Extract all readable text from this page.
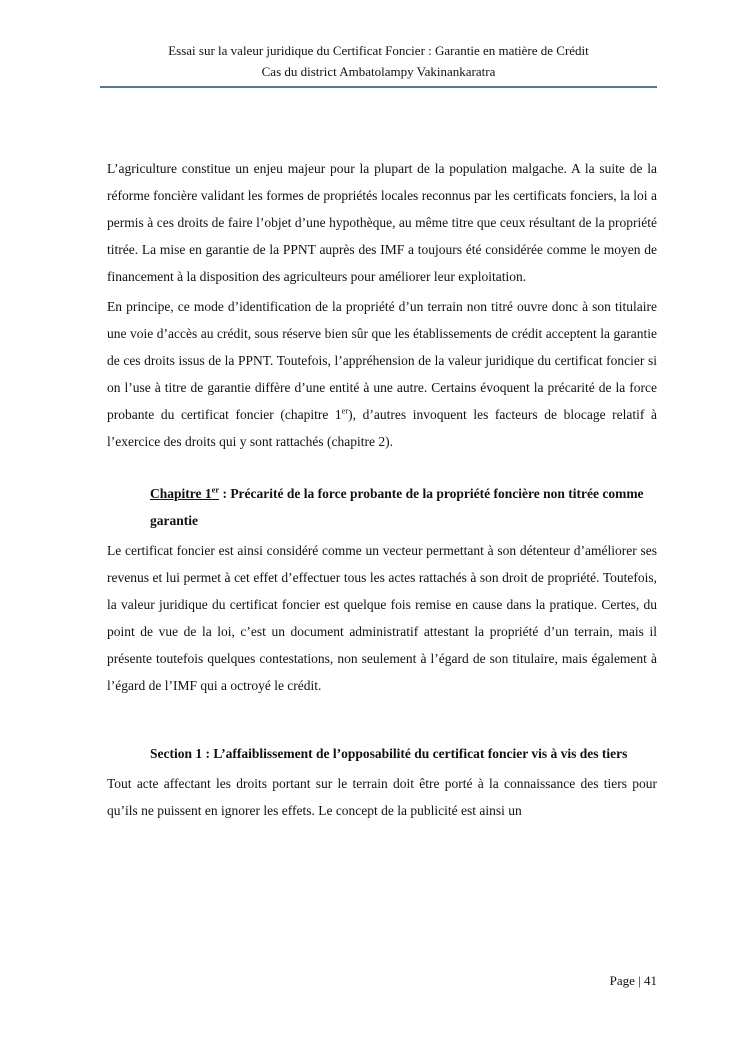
Essai sur la valeur juridique du Certificat Foncier : Garantie en matière de Crédit
Cas du district Ambatolampy Vakinankaratra

L’agriculture constitue un enjeu majeur pour la plupart de la population malgache. A la suite de la réforme foncière validant les formes de propriétés locales reconnus par les certificats fonciers, la loi a permis à ces droits de faire l’objet d’une hypothèque, au même titre que ceux résultant de la propriété titrée. La mise en garantie de la PPNT auprès des IMF a toujours été considérée comme le moyen de financement à la disposition des agriculteurs pour améliorer leur exploitation.

En principe, ce mode d’identification de la propriété d’un terrain non titré ouvre donc à son titulaire une voie d’accès au crédit, sous réserve bien sûr que les établissements de crédit acceptent la garantie de ces droits issus de la PPNT. Toutefois, l’appréhension de la valeur juridique du certificat foncier si on l’use à titre de garantie diffère d’une entité à une autre. Certains évoquent la précarité de la force probante du certificat foncier (chapitre 1er), d’autres invoquent les facteurs de blocage relatif à l’exercice des droits qui y sont rattachés (chapitre 2).

Chapitre 1er : Précarité de la force probante de la propriété foncière non titrée comme garantie

Le certificat foncier est ainsi considéré comme un vecteur permettant à son détenteur d’améliorer ses revenus et lui permet à cet effet d’effectuer tous les actes rattachés à son droit de propriété. Toutefois, la valeur juridique du certificat foncier est quelque fois remise en cause dans la pratique. Certes, du point de vue de la loi, c’est un document administratif attestant la propriété d’un terrain, mais il présente toutefois quelques contestations, non seulement à l’égard de son titulaire, mais également à l’égard de l’IMF qui a octroyé le crédit.

Section 1 : L’affaiblissement de l’opposabilité du certificat foncier vis à vis des tiers

Tout acte affectant les droits portant sur le terrain doit être porté à la connaissance des tiers pour qu’ils ne puissent en ignorer les effets. Le concept de la publicité est ainsi un

Page | 41
